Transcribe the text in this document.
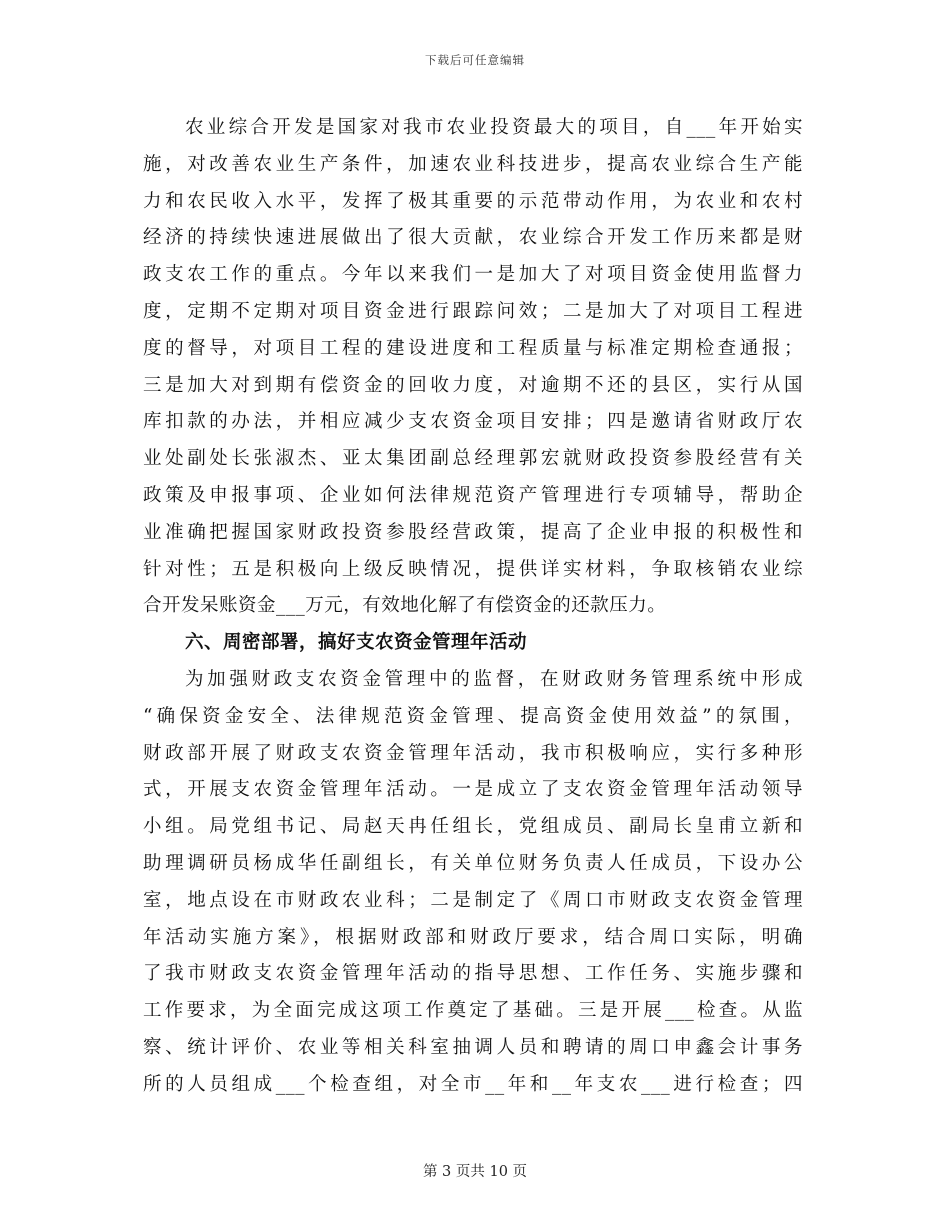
下载后可任意编辑
农业综合开发是国家对我市农业投资最大的项目，自___年开始实
施，对改善农业生产条件，加速农业科技进步，提高农业综合生产能
力和农民收入水平，发挥了极其重要的示范带动作用，为农业和农村
经济的持续快速进展做出了很大贡献，农业综合开发工作历来都是财
政支农工作的重点。今年以来我们一是加大了对项目资金使用监督力
度，定期不定期对项目资金进行跟踪问效；二是加大了对项目工程进
度的督导，对项目工程的建设进度和工程质量与标准定期检查通报；
三是加大对到期有偿资金的回收力度，对逾期不还的县区，实行从国
库扣款的办法，并相应减少支农资金项目安排；四是邀请省财政厅农
业处副处长张淑杰、亚太集团副总经理郭宏就财政投资参股经营有关
政策及申报事项、企业如何法律规范资产管理进行专项辅导，帮助企
业准确把握国家财政投资参股经营政策，提高了企业申报的积极性和
针对性；五是积极向上级反映情况，提供详实材料，争取核销农业综
合开发呆账资金___万元，有效地化解了有偿资金的还款压力。
六、周密部署，搞好支农资金管理年活动
为加强财政支农资金管理中的监督，在财政财务管理系统中形成
“确保资金安全、法律规范资金管理、提高资金使用效益”的氛围，
财政部开展了财政支农资金管理年活动，我市积极响应，实行多种形
式，开展支农资金管理年活动。一是成立了支农资金管理年活动领导
小组。局党组书记、局赵天冉任组长，党组成员、副局长皇甫立新和
助理调研员杨成华任副组长，有关单位财务负责人任成员，下设办公
室，地点设在市财政农业科；二是制定了《周口市财政支农资金管理
年活动实施方案》，根据财政部和财政厅要求，结合周口实际，明确
了我市财政支农资金管理年活动的指导思想、工作任务、实施步骤和
工作要求，为全面完成这项工作奠定了基础。三是开展___检查。从监
察、统计评价、农业等相关科室抽调人员和聘请的周口申鑫会计事务
所的人员组成___个检查组，对全市__年和__年支农___进行检查；四
第 3 页共 10 页
